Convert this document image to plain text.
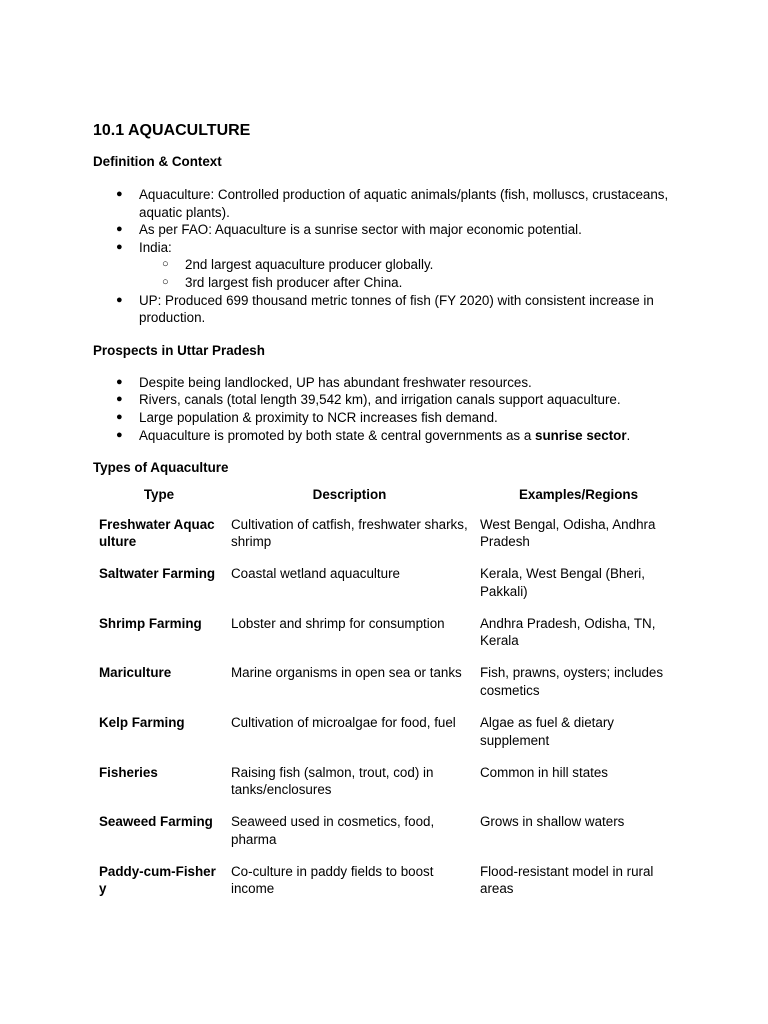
10.1 AQUACULTURE
Definition & Context
● Aquaculture: Controlled production of aquatic animals/plants (fish, molluscs, crustaceans, aquatic plants).
● As per FAO: Aquaculture is a sunrise sector with major economic potential.
● India:
○ 2nd largest aquaculture producer globally.
○ 3rd largest fish producer after China.
● UP: Produced 699 thousand metric tonnes of fish (FY 2020) with consistent increase in production.
Prospects in Uttar Pradesh
● Despite being landlocked, UP has abundant freshwater resources.
● Rivers, canals (total length 39,542 km), and irrigation canals support aquaculture.
● Large population & proximity to NCR increases fish demand.
● Aquaculture is promoted by both state & central governments as a sunrise sector.
Types of Aquaculture
Type	Description	Examples/Regions
Freshwater Aquaculture	Cultivation of catfish, freshwater sharks, shrimp	West Bengal, Odisha, Andhra Pradesh
Saltwater Farming	Coastal wetland aquaculture	Kerala, West Bengal (Bheri, Pakkali)
Shrimp Farming	Lobster and shrimp for consumption	Andhra Pradesh, Odisha, TN, Kerala
Mariculture	Marine organisms in open sea or tanks	Fish, prawns, oysters; includes cosmetics
Kelp Farming	Cultivation of microalgae for food, fuel	Algae as fuel & dietary supplement
Fisheries	Raising fish (salmon, trout, cod) in tanks/enclosures	Common in hill states
Seaweed Farming	Seaweed used in cosmetics, food, pharma	Grows in shallow waters
Paddy-cum-Fishery	Co-culture in paddy fields to boost income	Flood-resistant model in rural areas
